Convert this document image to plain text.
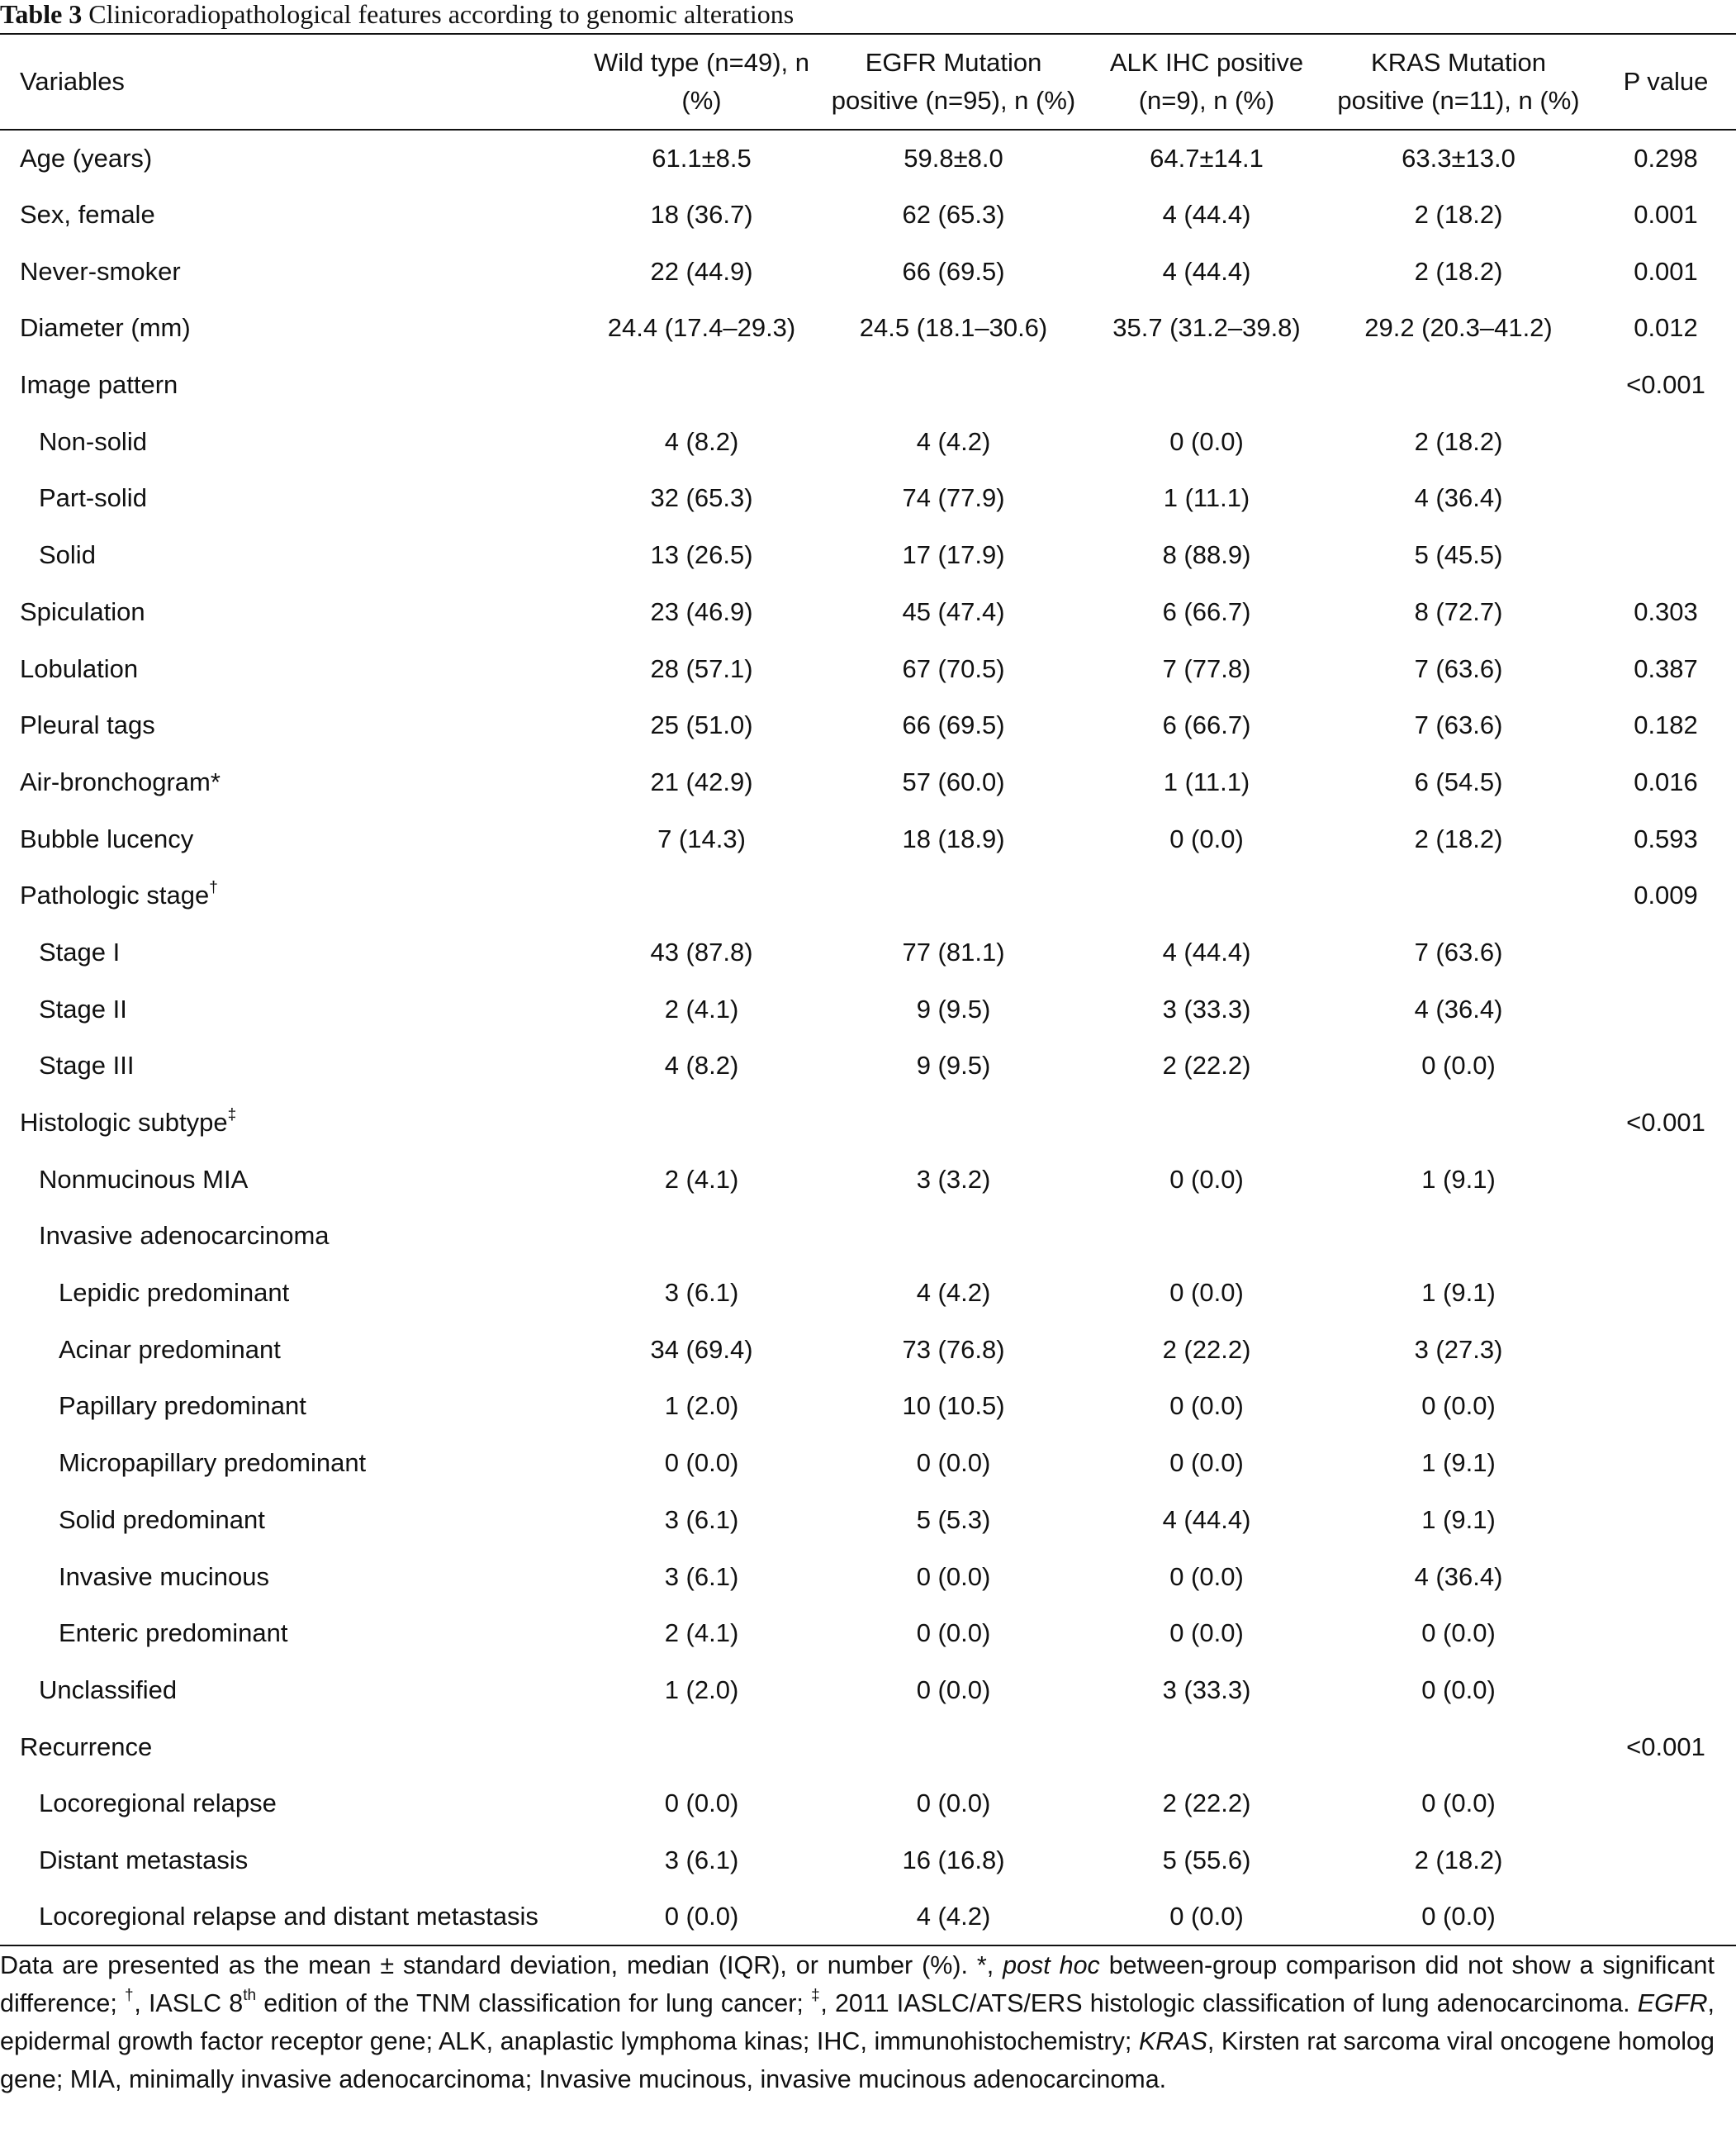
Table 3 Clinicoradiopathological features according to genomic alterations
Variables	Wild type (n=49), n (%)	EGFR Mutation positive (n=95), n (%)	ALK IHC positive (n=9), n (%)	KRAS Mutation positive (n=11), n (%)	P value
Age (years)	61.1±8.5	59.8±8.0	64.7±14.1	63.3±13.0	0.298
Sex, female	18 (36.7)	62 (65.3)	4 (44.4)	2 (18.2)	0.001
Never-smoker	22 (44.9)	66 (69.5)	4 (44.4)	2 (18.2)	0.001
Diameter (mm)	24.4 (17.4–29.3)	24.5 (18.1–30.6)	35.7 (31.2–39.8)	29.2 (20.3–41.2)	0.012
Image pattern					<0.001
Non-solid	4 (8.2)	4 (4.2)	0 (0.0)	2 (18.2)	
Part-solid	32 (65.3)	74 (77.9)	1 (11.1)	4 (36.4)	
Solid	13 (26.5)	17 (17.9)	8 (88.9)	5 (45.5)	
Spiculation	23 (46.9)	45 (47.4)	6 (66.7)	8 (72.7)	0.303
Lobulation	28 (57.1)	67 (70.5)	7 (77.8)	7 (63.6)	0.387
Pleural tags	25 (51.0)	66 (69.5)	6 (66.7)	7 (63.6)	0.182
Air-bronchogram*	21 (42.9)	57 (60.0)	1 (11.1)	6 (54.5)	0.016
Bubble lucency	7 (14.3)	18 (18.9)	0 (0.0)	2 (18.2)	0.593
Pathologic stage†					0.009
Stage I	43 (87.8)	77 (81.1)	4 (44.4)	7 (63.6)	
Stage II	2 (4.1)	9 (9.5)	3 (33.3)	4 (36.4)	
Stage III	4 (8.2)	9 (9.5)	2 (22.2)	0 (0.0)	
Histologic subtype‡					<0.001
Nonmucinous MIA	2 (4.1)	3 (3.2)	0 (0.0)	1 (9.1)	
Invasive adenocarcinoma					
Lepidic predominant	3 (6.1)	4 (4.2)	0 (0.0)	1 (9.1)	
Acinar predominant	34 (69.4)	73 (76.8)	2 (22.2)	3 (27.3)	
Papillary predominant	1 (2.0)	10 (10.5)	0 (0.0)	0 (0.0)	
Micropapillary predominant	0 (0.0)	0 (0.0)	0 (0.0)	1 (9.1)	
Solid predominant	3 (6.1)	5 (5.3)	4 (44.4)	1 (9.1)	
Invasive mucinous	3 (6.1)	0 (0.0)	0 (0.0)	4 (36.4)	
Enteric predominant	2 (4.1)	0 (0.0)	0 (0.0)	0 (0.0)	
Unclassified	1 (2.0)	0 (0.0)	3 (33.3)	0 (0.0)	
Recurrence					<0.001
Locoregional relapse	0 (0.0)	0 (0.0)	2 (22.2)	0 (0.0)	
Distant metastasis	3 (6.1)	16 (16.8)	5 (55.6)	2 (18.2)	
Locoregional relapse and distant metastasis	0 (0.0)	4 (4.2)	0 (0.0)	0 (0.0)	
Data are presented as the mean ± standard deviation, median (IQR), or number (%). *, post hoc between-group comparison did not show a significant difference; †, IASLC 8th edition of the TNM classification for lung cancer; ‡, 2011 IASLC/ATS/ERS histologic classification of lung adenocarcinoma. EGFR, epidermal growth factor receptor gene; ALK, anaplastic lymphoma kinas; IHC, immunohistochemistry; KRAS, Kirsten rat sarcoma viral oncogene homolog gene; MIA, minimally invasive adenocarcinoma; Invasive mucinous, invasive mucinous adenocarcinoma.
